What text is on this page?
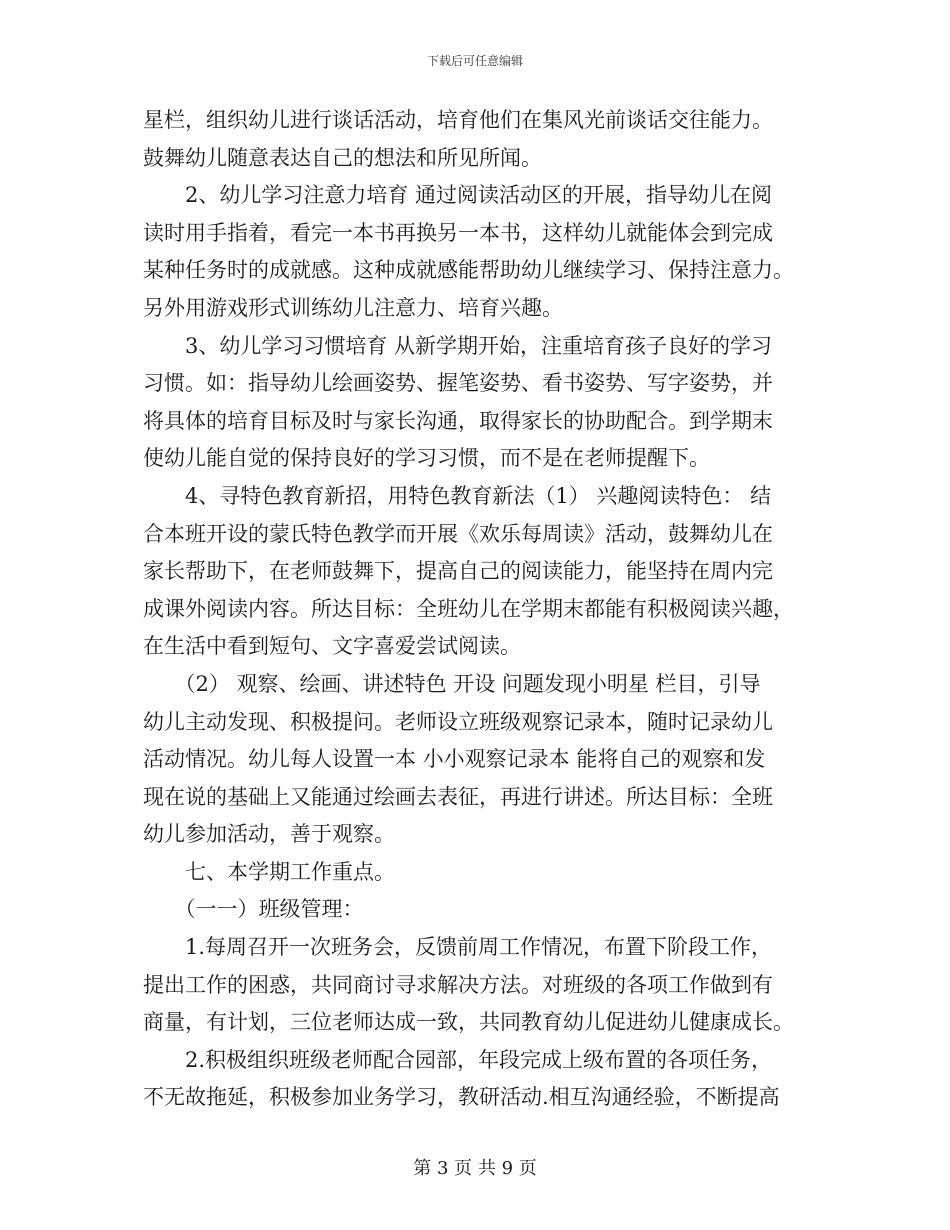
下载后可任意编辑
星栏，组织幼儿进行谈话活动，培育他们在集风光前谈话交往能力。
鼓舞幼儿随意表达自己的想法和所见所闻。
　　2、幼儿学习注意力培育 通过阅读活动区的开展，指导幼儿在阅
读时用手指着，看完一本书再换另一本书，这样幼儿就能体会到完成
某种任务时的成就感。这种成就感能帮助幼儿继续学习、保持注意力。
另外用游戏形式训练幼儿注意力、培育兴趣。
　　3、幼儿学习习惯培育 从新学期开始，注重培育孩子良好的学习
习惯。如：指导幼儿绘画姿势、握笔姿势、看书姿势、写字姿势，并
将具体的培育目标及时与家长沟通，取得家长的协助配合。到学期末
使幼儿能自觉的保持良好的学习习惯，而不是在老师提醒下。
　　4、寻特色教育新招，用特色教育新法（1） 兴趣阅读特色： 结
合本班开设的蒙氏特色教学而开展《欢乐每周读》活动，鼓舞幼儿在
家长帮助下，在老师鼓舞下，提高自己的阅读能力，能坚持在周内完
成课外阅读内容。所达目标：全班幼儿在学期末都能有积极阅读兴趣，
在生活中看到短句、文字喜爱尝试阅读。
　　（2） 观察、绘画、讲述特色 开设 问题发现小明星 栏目，引导
幼儿主动发现、积极提问。老师设立班级观察记录本，随时记录幼儿
活动情况。幼儿每人设置一本 小小观察记录本 能将自己的观察和发
现在说的基础上又能通过绘画去表征，再进行讲述。所达目标：全班
幼儿参加活动，善于观察。
　　七、本学期工作重点。
　　（一一）班级管理：
　　1.每周召开一次班务会，反馈前周工作情况，布置下阶段工作，
提出工作的困惑，共同商讨寻求解决方法。对班级的各项工作做到有
商量，有计划，三位老师达成一致，共同教育幼儿促进幼儿健康成长。
　　2.积极组织班级老师配合园部，年段完成上级布置的各项任务，
不无故拖延，积极参加业务学习，教研活动.相互沟通经验，不断提高
第 3 页 共 9 页
